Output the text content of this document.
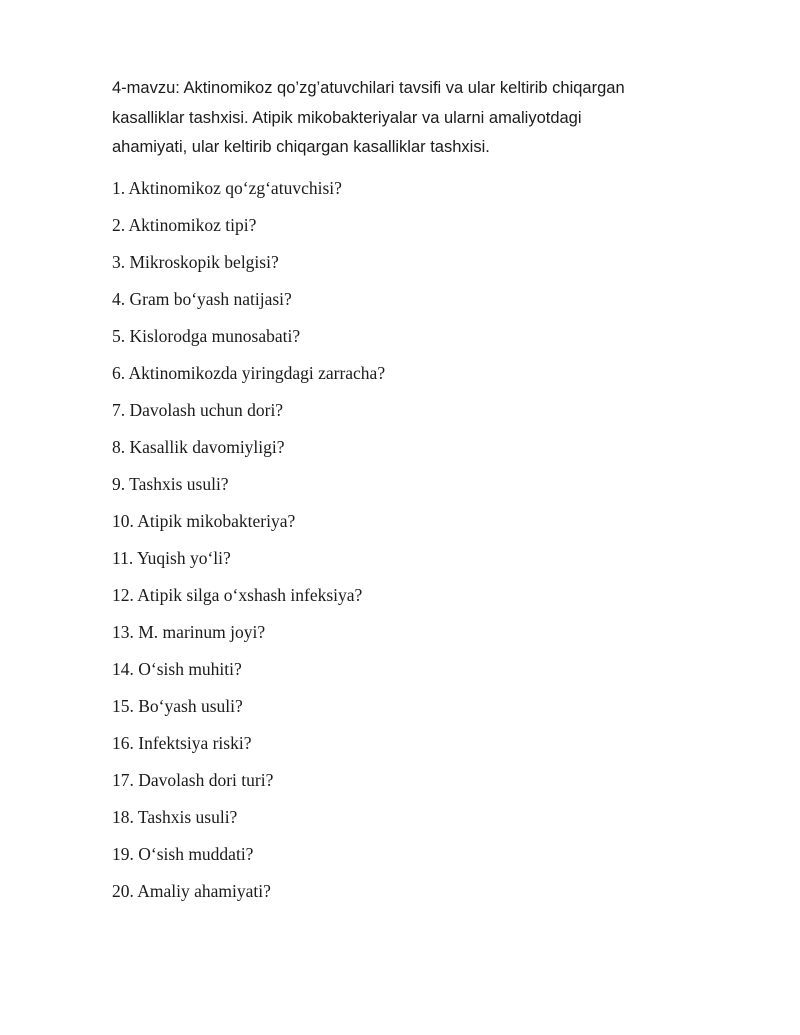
4-mavzu: Aktinomikoz qo’zg’atuvchilari tavsifi va ular keltirib chiqargan
kasalliklar tashxisi. Atipik mikobakteriyalar va ularni amaliyotdagi
ahamiyati, ular keltirib chiqargan kasalliklar tashxisi.

1. Aktinomikoz qoʻzgʻatuvchisi?

2. Aktinomikoz tipi?

3. Mikroskopik belgisi?

4. Gram boʻyash natijasi?

5. Kislorodga munosabati?

6. Aktinomikozda yiringdagi zarracha?

7. Davolash uchun dori?

8. Kasallik davomiyligi?

9. Tashxis usuli?

10. Atipik mikobakteriya?

11. Yuqish yoʻli?

12. Atipik silga oʻxshash infeksiya?

13. M. marinum joyi?

14. Oʻsish muhiti?

15. Boʻyash usuli?

16. Infektsiya riski?

17. Davolash dori turi?

18. Tashxis usuli?

19. Oʻsish muddati?

20. Amaliy ahamiyati?
